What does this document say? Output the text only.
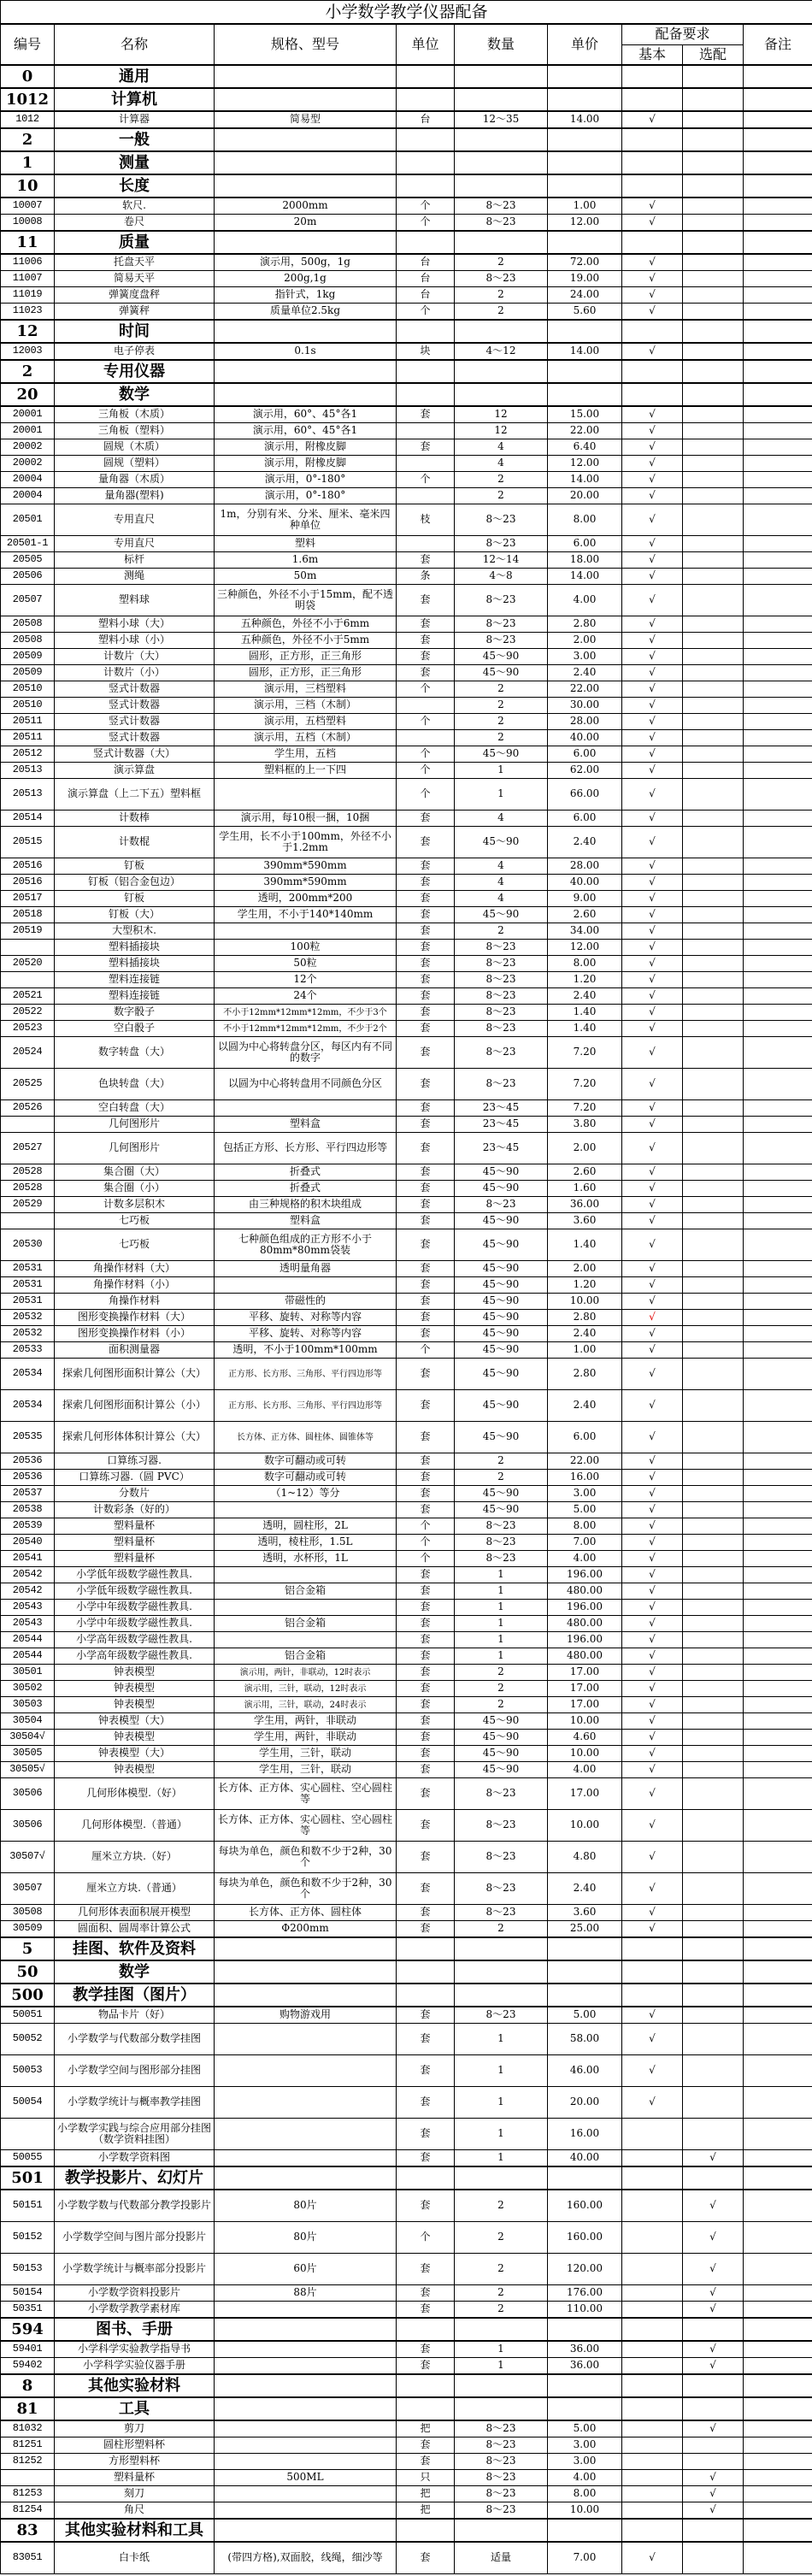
小学数学教学仪器配备								
编号	名称	规格、型号	单位	数量	单价	配备要求		备注
						基本	选配	
0	通用							
1012	计算机							
1012	计算器	简易型	台	12～35	14.00	√		
2	一般							
1	测量							
10	长度							
10007	软尺.	2000mm	个	8～23	1.00	√		
10008	卷尺	20m	个	8～23	12.00	√		
11	质量							
11006	托盘天平	演示用，500g，1g	台	2	72.00	√		
11007	简易天平	200g,1g	台	8～23	19.00	√		
11019	弹簧度盘秤	指针式，1kg	台	2	24.00	√		
11023	弹簧秤	质量单位2.5kg	个	2	5.60	√		
12	时间							
12003	电子停表	0.1s	块	4～12	14.00	√		
2	专用仪器							
20	数学							
20001	三角板（木质）	演示用，60°、45°各1	套	12	15.00	√		
20001	三角板（塑料）	演示用，60°、45°各1		12	22.00	√		
20002	圆规（木质）	演示用，附橡皮脚	套	4	6.40	√		
20002	圆规（塑料）	演示用，附橡皮脚		4	12.00	√		
20004	量角器（木质）	演示用，0°-180°	个	2	14.00	√		
20004	量角器(塑料)	演示用，0°-180°		2	20.00	√		
20501	专用直尺	1m，分别有米、分米、厘米、毫米四种单位	枝	8～23	8.00	√		
20501-1	专用直尺	塑料		8～23	6.00	√		
20505	标杆	1.6m	套	12～14	18.00	√		
20506	测绳	50m	条	4～8	14.00	√		
20507	塑料球	三种颜色，外径不小于15mm，配不透明袋	套	8～23	4.00	√		
20508	塑料小球（大）	五种颜色，外径不小于6mm	套	8～23	2.80	√		
20508	塑料小球（小）	五种颜色，外径不小于5mm	套	8～23	2.00	√		
20509	计数片（大）	圆形，正方形，正三角形	套	45～90	3.00	√		
20509	计数片（小）	圆形，正方形，正三角形	套	45～90	2.40	√		
20510	竖式计数器	演示用，三档塑料	个	2	22.00	√		
20510	竖式计数器	演示用，三档（木制）		2	30.00	√		
20511	竖式计数器	演示用，五档塑料	个	2	28.00	√		
20511	竖式计数器	演示用，五档（木制）		2	40.00	√		
20512	竖式计数器（大）	学生用，五档	个	45～90	6.00	√		
20513	演示算盘	塑料框的上一下四	个	1	62.00	√		
20513	演示算盘（上二下五）塑料框		个	1	66.00	√		
20514	计数棒	演示用，每10根一捆，10捆	套	4	6.00	√		
20515	计数棍	学生用，长不小于100mm，外径不小于1.2mm	套	45～90	2.40	√		
20516	钉板	390mm*590mm	套	4	28.00	√		
20516	钉板（铝合金包边）	390mm*590mm	套	4	40.00	√		
20517	钉板	透明，200mm*200	套	4	9.00	√		
20518	钉板（大）	学生用，不小于140*140mm	套	45～90	2.60	√		
20519	大型积木.		套	2	34.00	√		
	塑料插接块	100粒	套	8～23	12.00	√		
20520	塑料插接块	50粒	套	8～23	8.00	√		
	塑料连接链	12个	套	8～23	1.20	√		
20521	塑料连接链	24个	套	8～23	2.40	√		
20522	数字骰子	不小于12mm*12mm*12mm，不少于3个	套	8～23	1.40	√		
20523	空白骰子	不小于12mm*12mm*12mm，不少于2个	套	8～23	1.40	√		
20524	数字转盘（大）	以圆为中心将转盘分区，每区内有不同的数字	套	8～23	7.20	√		
20525	色块转盘（大）	以圆为中心将转盘用不同颜色分区	套	8～23	7.20	√		
20526	空白转盘（大）		套	23～45	7.20	√		
	几何图形片	塑料盒	套	23～45	3.80	√		
20527	几何图形片	包括正方形、长方形、平行四边形等	套	23～45	2.00	√		
20528	集合圈（大）	折叠式	套	45～90	2.60	√		
20528	集合圈（小）	折叠式	套	45～90	1.60	√		
20529	计数多层积木	由三种规格的积木块组成	套	8～23	36.00	√		
	七巧板	塑料盒	套	45～90	3.60	√		
20530	七巧板	七种颜色组成的正方形不小于80mm*80mm袋装	套	45～90	1.40	√		
20531	角操作材料（大）	透明量角器	套	45～90	2.00	√		
20531	角操作材料（小）		套	45～90	1.20	√		
20531	角操作材料	带磁性的	套	45～90	10.00	√		
20532	图形变换操作材料（大）	平移、旋转、对称等内容	套	45～90	2.80	√		
20532	图形变换操作材料（小）	平移、旋转、对称等内容	套	45～90	2.40	√		
20533	面积测量器	透明，不小于100mm*100mm	个	45～90	1.00	√		
20534	探索几何图形面积计算公（大）	正方形、长方形、三角形、平行四边形等	套	45～90	2.80	√		
20534	探索几何图形面积计算公（小）	正方形、长方形、三角形、平行四边形等	套	45～90	2.40	√		
20535	探索几何形体体积计算公（大）	长方体、正方体、圆柱体、圆锥体等	套	45～90	6.00	√		
20536	口算练习器.	数字可翻动或可转	套	2	22.00	√		
20536	口算练习器.（圆 PVC）	数字可翻动或可转	套	2	16.00	√		
20537	分数片	（1~12）等分	套	45～90	3.00	√		
20538	计数彩条（好的）		套	45～90	5.00	√		
20539	塑料量杯	透明，圆柱形，2L	个	8～23	8.00	√		
20540	塑料量杯	透明，棱柱形，1.5L	个	8～23	7.00	√		
20541	塑料量杯	透明，水杯形，1L	个	8～23	4.00	√		
20542	小学低年级数学磁性教具.		套	1	196.00	√		
20542	小学低年级数学磁性教具.	铝合金箱	套	1	480.00	√		
20543	小学中年级数学磁性教具.		套	1	196.00	√		
20543	小学中年级数学磁性教具.	铝合金箱	套	1	480.00	√		
20544	小学高年级数学磁性教具.		套	1	196.00	√		
20544	小学高年级数学磁性教具.	铝合金箱	套	1	480.00	√		
30501	钟表模型	演示用，两针，非联动，12时表示	套	2	17.00	√		
30502	钟表模型	演示用，三针，联动，12时表示	套	2	17.00	√		
30503	钟表模型	演示用，三针，联动，24时表示	套	2	17.00	√		
30504	钟表模型（大）	学生用，两针，非联动	套	45～90	10.00	√		
30504√	钟表模型	学生用，两针，非联动	套	45～90	4.60	√		
30505	钟表模型（大）	学生用，三针，联动	套	45～90	10.00	√		
30505√	钟表模型	学生用，三针，联动	套	45～90	4.00	√		
30506	几何形体模型.（好）	长方体、正方体、实心圆柱、空心圆柱等	套	8～23	17.00	√		
30506	几何形体模型.（普通）	长方体、正方体、实心圆柱、空心圆柱等	套	8～23	10.00	√		
30507√	厘米立方块.（好）	每块为单色，颜色和数不少于2种，30个	套	8～23	4.80	√		
30507	厘米立方块.（普通）	每块为单色，颜色和数不少于2种，30个	套	8～23	2.40	√		
30508	几何形体表面积展开模型	长方体、正方体、圆柱体	套	8～23	3.60	√		
30509	圆面积、圆周率计算公式	Φ200mm	套	2	25.00	√		
5	挂图、软件及资料							
50	数学							
500	教学挂图（图片）							
50051	物品卡片（好）	购物游戏用	套	8～23	5.00	√		
50052	小学数学与代数部分数学挂图		套	1	58.00	√		
50053	小学数学空间与图形部分挂图		套	1	46.00	√		
50054	小学数学统计与概率教学挂图		套	1	20.00	√		
	小学数学实践与综合应用部分挂图（数学资料挂图）		套	1	16.00			
50055	小学数学资料图		套	1	40.00		√	
501	教学投影片、幻灯片							
50151	小学数学数与代数部分教学投影片	80片	套	2	160.00		√	
50152	小学数学空间与图片部分投影片	80片	个	2	160.00		√	
50153	小学数学统计与概率部分投影片	60片	套	2	120.00		√	
50154	小学数学资料投影片	88片	套	2	176.00		√	
50351	小学数学教学素材库		套	2	110.00		√	
594	图书、手册							
59401	小学科学实验教学指导书		套	1	36.00		√	
59402	小学科学实验仪器手册		套	1	36.00		√	
8	其他实验材料							
81	工具							
81032	剪刀		把	8～23	5.00		√	
81251	圆柱形塑料杯		套	8～23	3.00			
81252	方形塑料杯		套	8～23	3.00			
	塑料量杯	500ML	只	8～23	4.00		√	
81253	刻刀		把	8～23	8.00		√	
81254	角尺		把	8～23	10.00		√	
83	其他实验材料和工具							
83051	白卡纸	(带四方格),双面胶，线绳，细沙等	套	适量	7.00	√		
